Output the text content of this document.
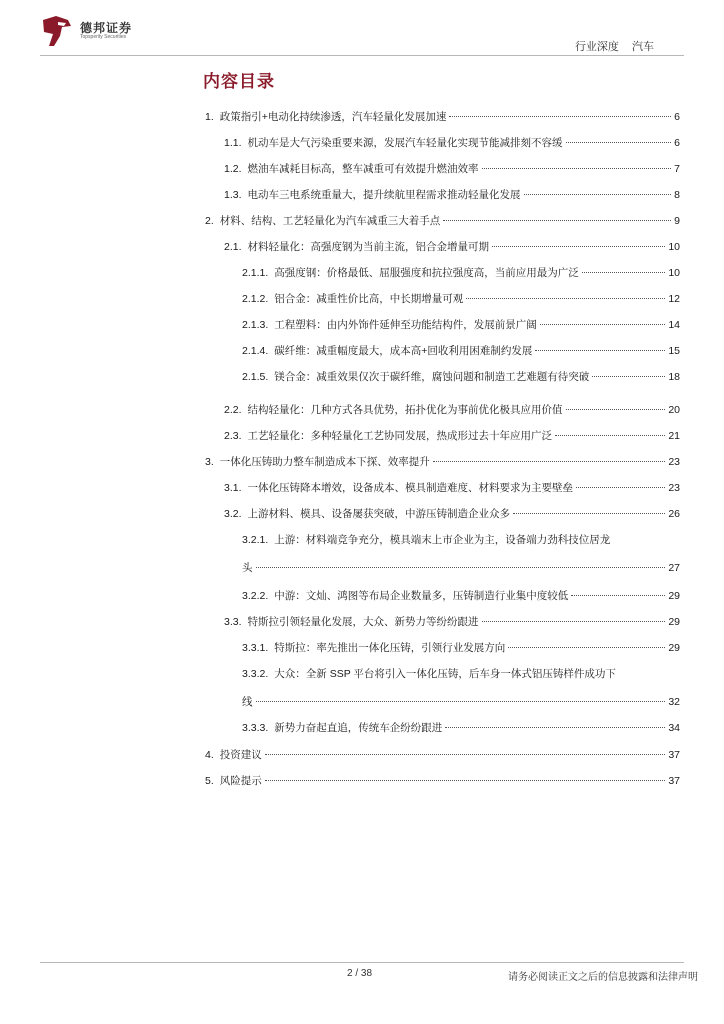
德邦证券
Topsperity Securities
行业深度 汽车
内容目录
1. 政策指引+电动化持续渗透，汽车轻量化发展加速	6
1.1. 机动车是大气污染重要来源，发展汽车轻量化实现节能减排刻不容缓	6
1.2. 燃油车减耗目标高，整车减重可有效提升燃油效率	7
1.3. 电动车三电系统重量大，提升续航里程需求推动轻量化发展	8
2. 材料、结构、工艺轻量化为汽车减重三大着手点	9
2.1. 材料轻量化：高强度钢为当前主流，铝合金增量可期	10
2.1.1. 高强度钢：价格最低、屈服强度和抗拉强度高，当前应用最为广泛	10
2.1.2. 铝合金：减重性价比高，中长期增量可观	12
2.1.3. 工程塑料：由内外饰件延伸至功能结构件，发展前景广阔	14
2.1.4. 碳纤维：减重幅度最大，成本高+回收利用困难制约发展	15
2.1.5. 镁合金：减重效果仅次于碳纤维，腐蚀问题和制造工艺难题有待突破	18
2.2. 结构轻量化：几种方式各具优势，拓扑优化为事前优化极具应用价值	20
2.3. 工艺轻量化：多种轻量化工艺协同发展，热成形过去十年应用广泛	21
3. 一体化压铸助力整车制造成本下探、效率提升	23
3.1. 一体化压铸降本增效，设备成本、模具制造难度、材料要求为主要壁垒	23
3.2. 上游材料、模具、设备屡获突破，中游压铸制造企业众多	26
3.2.1. 上游：材料端竞争充分，模具端末上市企业为主，设备端力劲科技位居龙
头	27
3.2.2. 中游：文灿、鸿图等布局企业数量多，压铸制造行业集中度较低	29
3.3. 特斯拉引领轻量化发展，大众、新势力等纷纷跟进	29
3.3.1. 特斯拉：率先推出一体化压铸，引领行业发展方向	29
3.3.2. 大众：全新 SSP 平台将引入一体化压铸，后车身一体式铝压铸样件成功下
线	32
3.3.3. 新势力奋起直追，传统车企纷纷跟进	34
4. 投资建议	37
5. 风险提示	37
2 / 38	请务必阅读正文之后的信息披露和法律声明
